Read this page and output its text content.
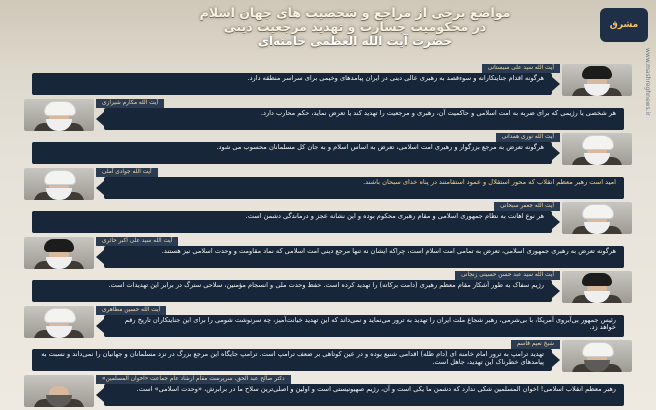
مشرق
www.mashreghnews.ir
مواضع برخی از مراجع و شخصیت های جهان اسلام
در محکومیت جسارت و تهدید مرجعیت دینی
حضرت آیت الله العظمی خامنه‌ای
آیت الله سید علی سیستانی
هرگونه اقدام جنایتکارانه و سوءقصد به رهبری عالی دینی در ایران پیامدهای وخیمی برای سراسر منطقه دارد.
آیت الله مکارم شیرازی
هر شخصی یا رژیمی که برای ضربه به امت اسلامی و حاکمیت آن، رهبری و مرجعیت را تهدید کند یا تعرض نماید، حکم محارب دارد.
آیت الله نوری همدانی
هرگونه تعرض به مرجع بزرگوار و رهبری امت اسلامی، تعرض به اساس اسلام و به جان کل مسلمانان محسوب می شود.
آیت الله جوادی آملی
امید است رهبر معظم انقلاب که محور استقلال و عمود استقامتند در پناه خدای سبحان باشند.
آیت الله جعفر سبحانی
هر نوع اهانت به نظام جمهوری اسلامی و مقام رهبری محکوم بوده و این نشانه عجز و درماندگی دشمن است.
آیت الله سید علی اکبر حائری
هرگونه تعرض به رهبری جمهوری اسلامی، تعرض به تمامی امت اسلام است، چراکه ایشان نه تنها مرجع دینی امت اسلامی که نماد مقاومت و وحدت اسلامی نیز هستند.
آیت الله سید عبد حسن حسینی زنجانی
رژیم سفاک به طور آشکار مقام معظم رهبری (دامت برکاته) را تهدید کرده است. حفظ وحدت ملی و انسجام مؤمنین، سلاحی سترگ در برابر این تهدیدات است.
آیت الله حسین مظاهری
رئیس جمهور بی‌آبروی آمریکا، با بی‌شرمی، رهبر شجاع ملت ایران را تهدید به ترور می‌نماید و نمی‌داند که این تهدید خیانت‌آمیز، چه سرنوشت شومی را برای این جنایتکاران تاریخ رقم خواهد زد.
شیخ نعیم قاسم
تهدید ترامپ به ترور امام خامنه ای (دام ظله) اقدامی شنیع بوده و در عین کوتاهی بر ضعف ترامپ است. ترامپ جایگاه این مرجع بزرگ در نزد مسلمانان و جهانیان را نمی‌داند و نسبت به پیامدهای خطرناک این تهدید، جاهل است.
دکتر صالح عبد الحق، سرپرست مقام ارشاد عام جماعت «اخوان المسلمین»
رهبر معظم انقلاب اسلامی! اخوان المسلمین شکی ندارد که دشمن ما یکی است و آن، رژیم صهیونیستی است و اولین و اصلی‌ترین سلاح ما در برابرش، «وحدت اسلامی» است.
